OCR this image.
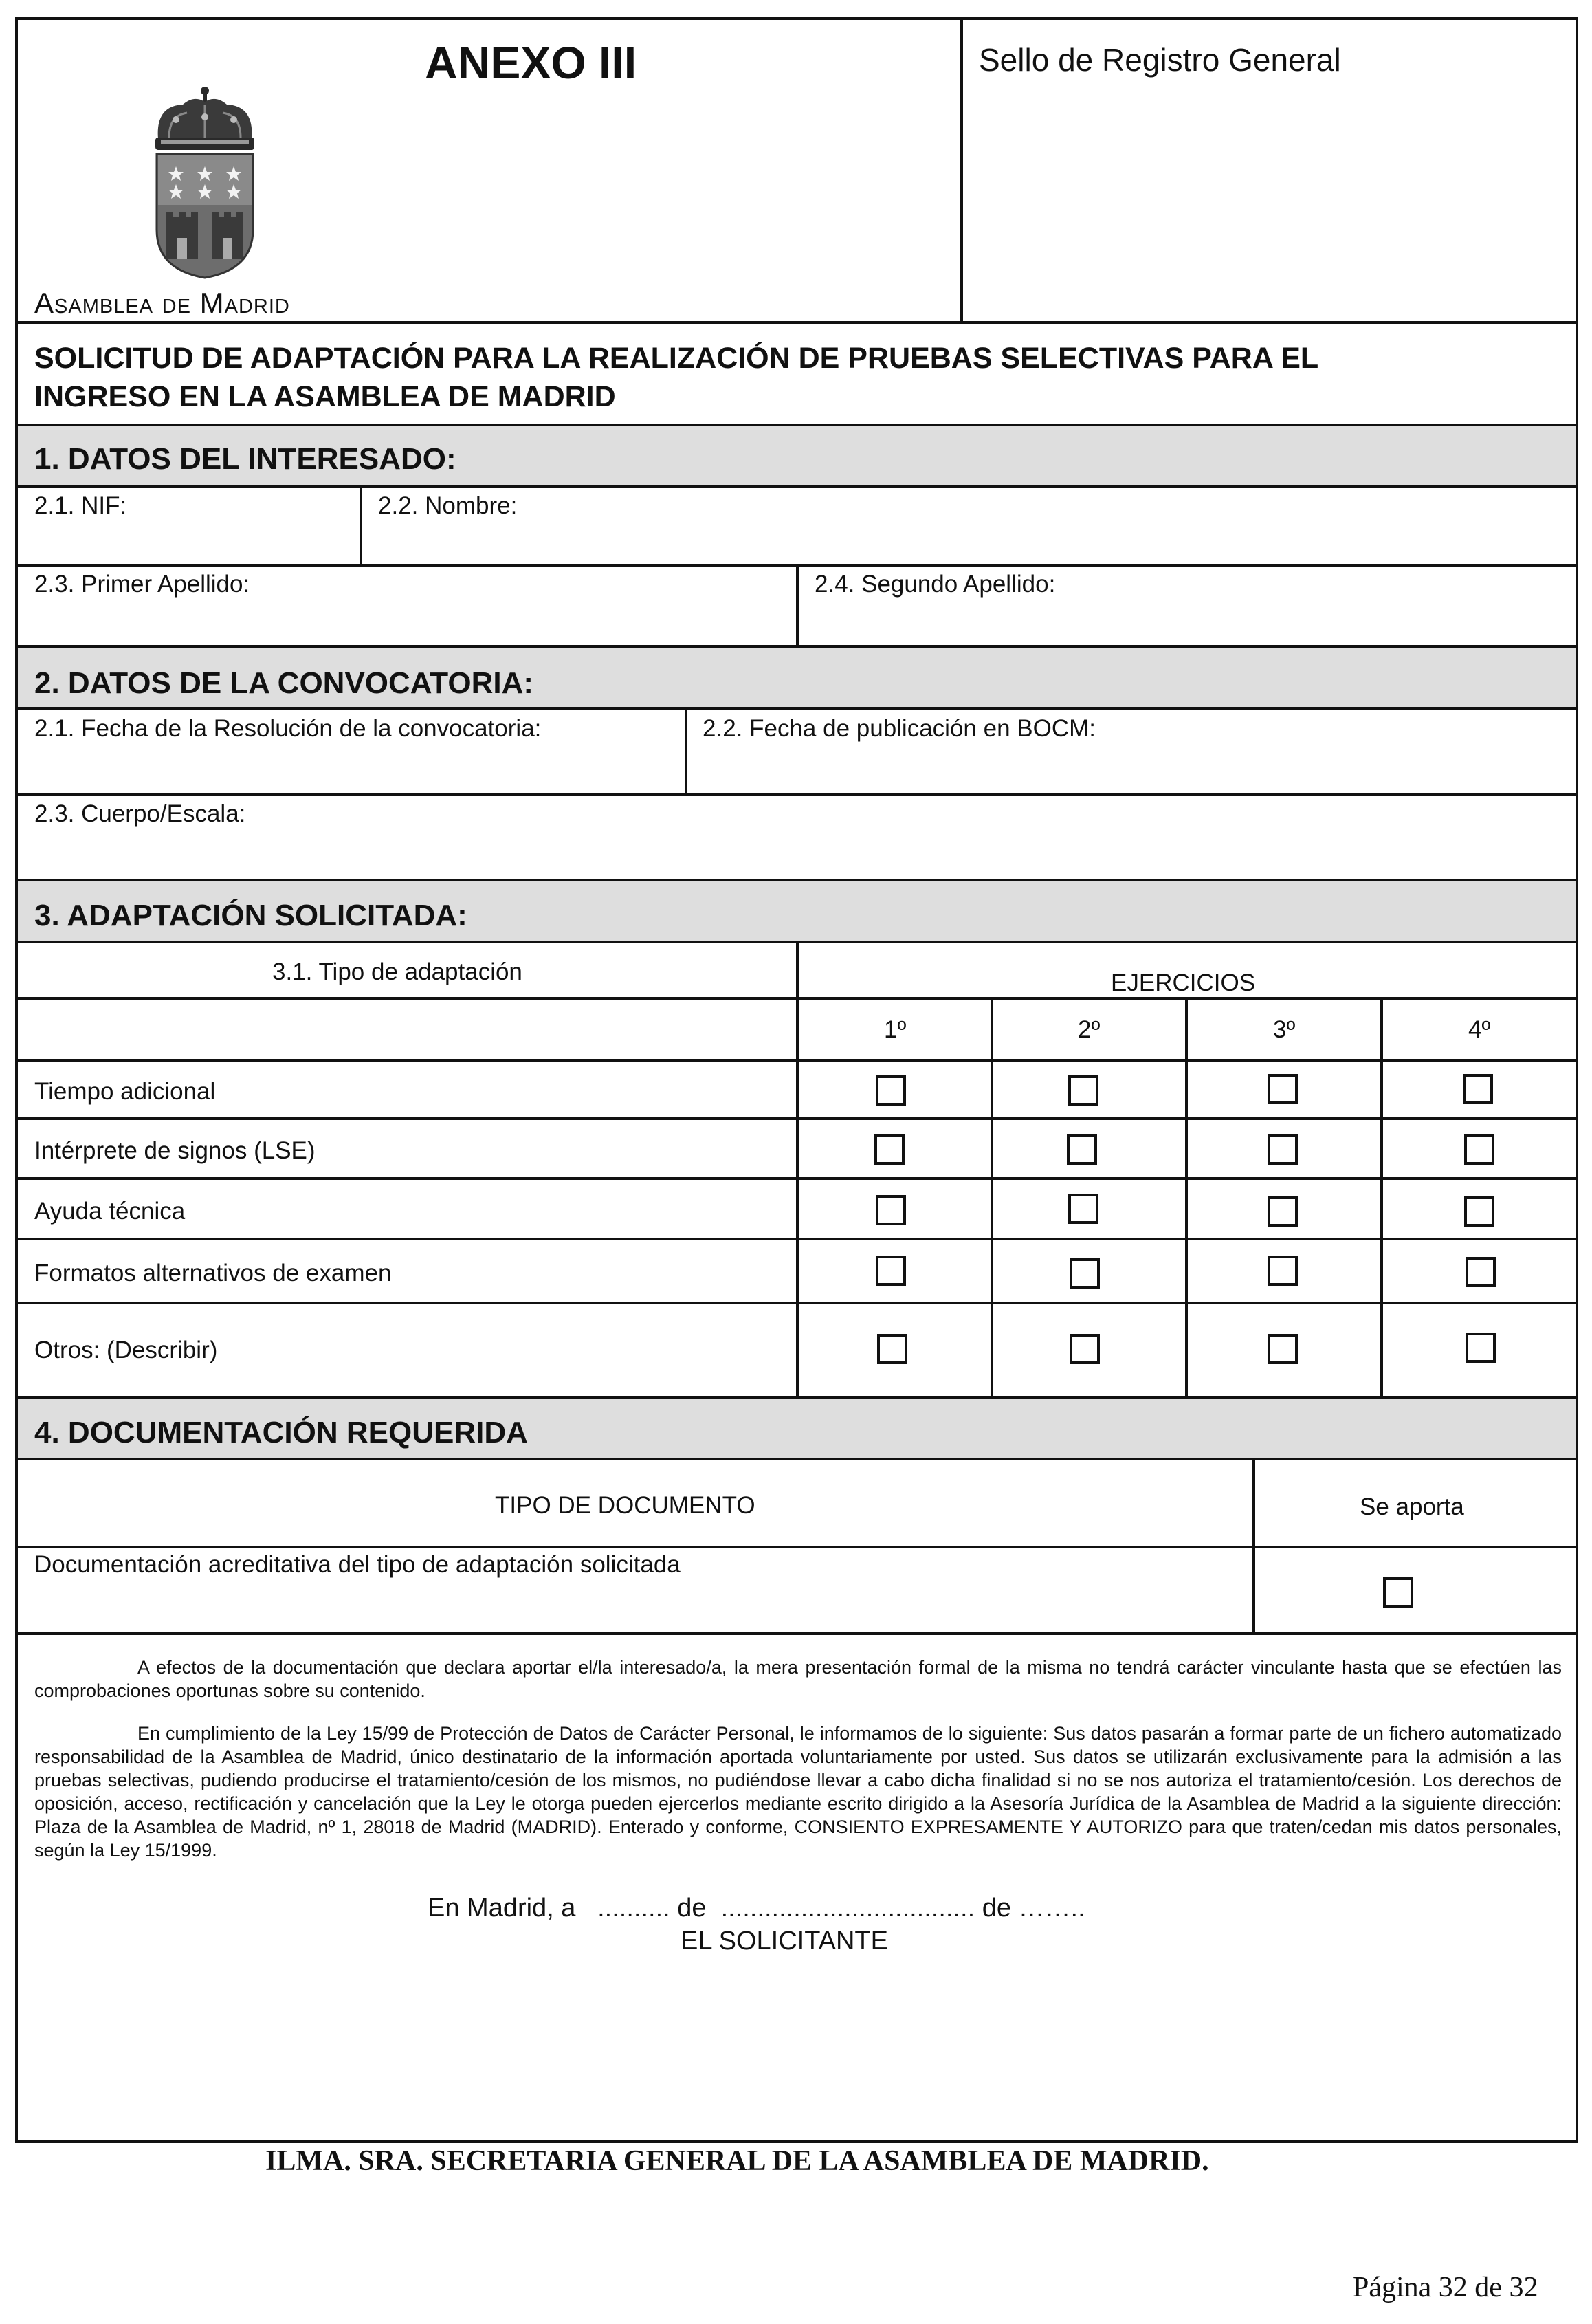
ANEXO III
Asamblea de Madrid
Sello de Registro General
SOLICITUD DE ADAPTACIÓN PARA LA REALIZACIÓN DE PRUEBAS SELECTIVAS PARA EL
INGRESO EN LA ASAMBLEA DE MADRID
1. DATOS DEL INTERESADO:
2.1. NIF:	2.2. Nombre:
2.3. Primer Apellido:	2.4. Segundo Apellido:
2. DATOS DE LA CONVOCATORIA:
2.1. Fecha de la Resolución de la convocatoria:	2.2. Fecha de publicación en BOCM:
2.3. Cuerpo/Escala:
3. ADAPTACIÓN SOLICITADA:
3.1. Tipo de adaptación	EJERCICIOS
1º	2º	3º	4º
Tiempo adicional
Intérprete de signos (LSE)
Ayuda técnica
Formatos alternativos de examen
Otros: (Describir)
4. DOCUMENTACIÓN REQUERIDA
TIPO DE DOCUMENTO	Se aporta
Documentación acreditativa del tipo de adaptación solicitada
A efectos de la documentación que declara aportar el/la interesado/a, la mera presentación formal de la misma no tendrá carácter vinculante hasta que se efectúen las comprobaciones oportunas sobre su contenido.
En cumplimiento de la Ley 15/99 de Protección de Datos de Carácter Personal, le informamos de lo siguiente: Sus datos pasarán a formar parte de un fichero automatizado responsabilidad de la Asamblea de Madrid, único destinatario de la información aportada voluntariamente por usted. Sus datos se utilizarán exclusivamente para la admisión a las pruebas selectivas, pudiendo producirse el tratamiento/cesión de los mismos, no pudiéndose llevar a cabo dicha finalidad si no se nos autoriza el tratamiento/cesión. Los derechos de oposición, acceso, rectificación y cancelación que la Ley le otorga pueden ejercerlos mediante escrito dirigido a la Asesoría Jurídica de la Asamblea de Madrid a la siguiente dirección: Plaza de la Asamblea de Madrid, nº 1, 28018 de Madrid (MADRID). Enterado y conforme, CONSIENTO EXPRESAMENTE Y AUTORIZO para que traten/cedan mis datos personales, según la Ley 15/1999.
En Madrid, a   .......... de  ................................... de ……..
EL SOLICITANTE
ILMA. SRA. SECRETARIA GENERAL DE LA ASAMBLEA DE MADRID.
Página 32 de 32
